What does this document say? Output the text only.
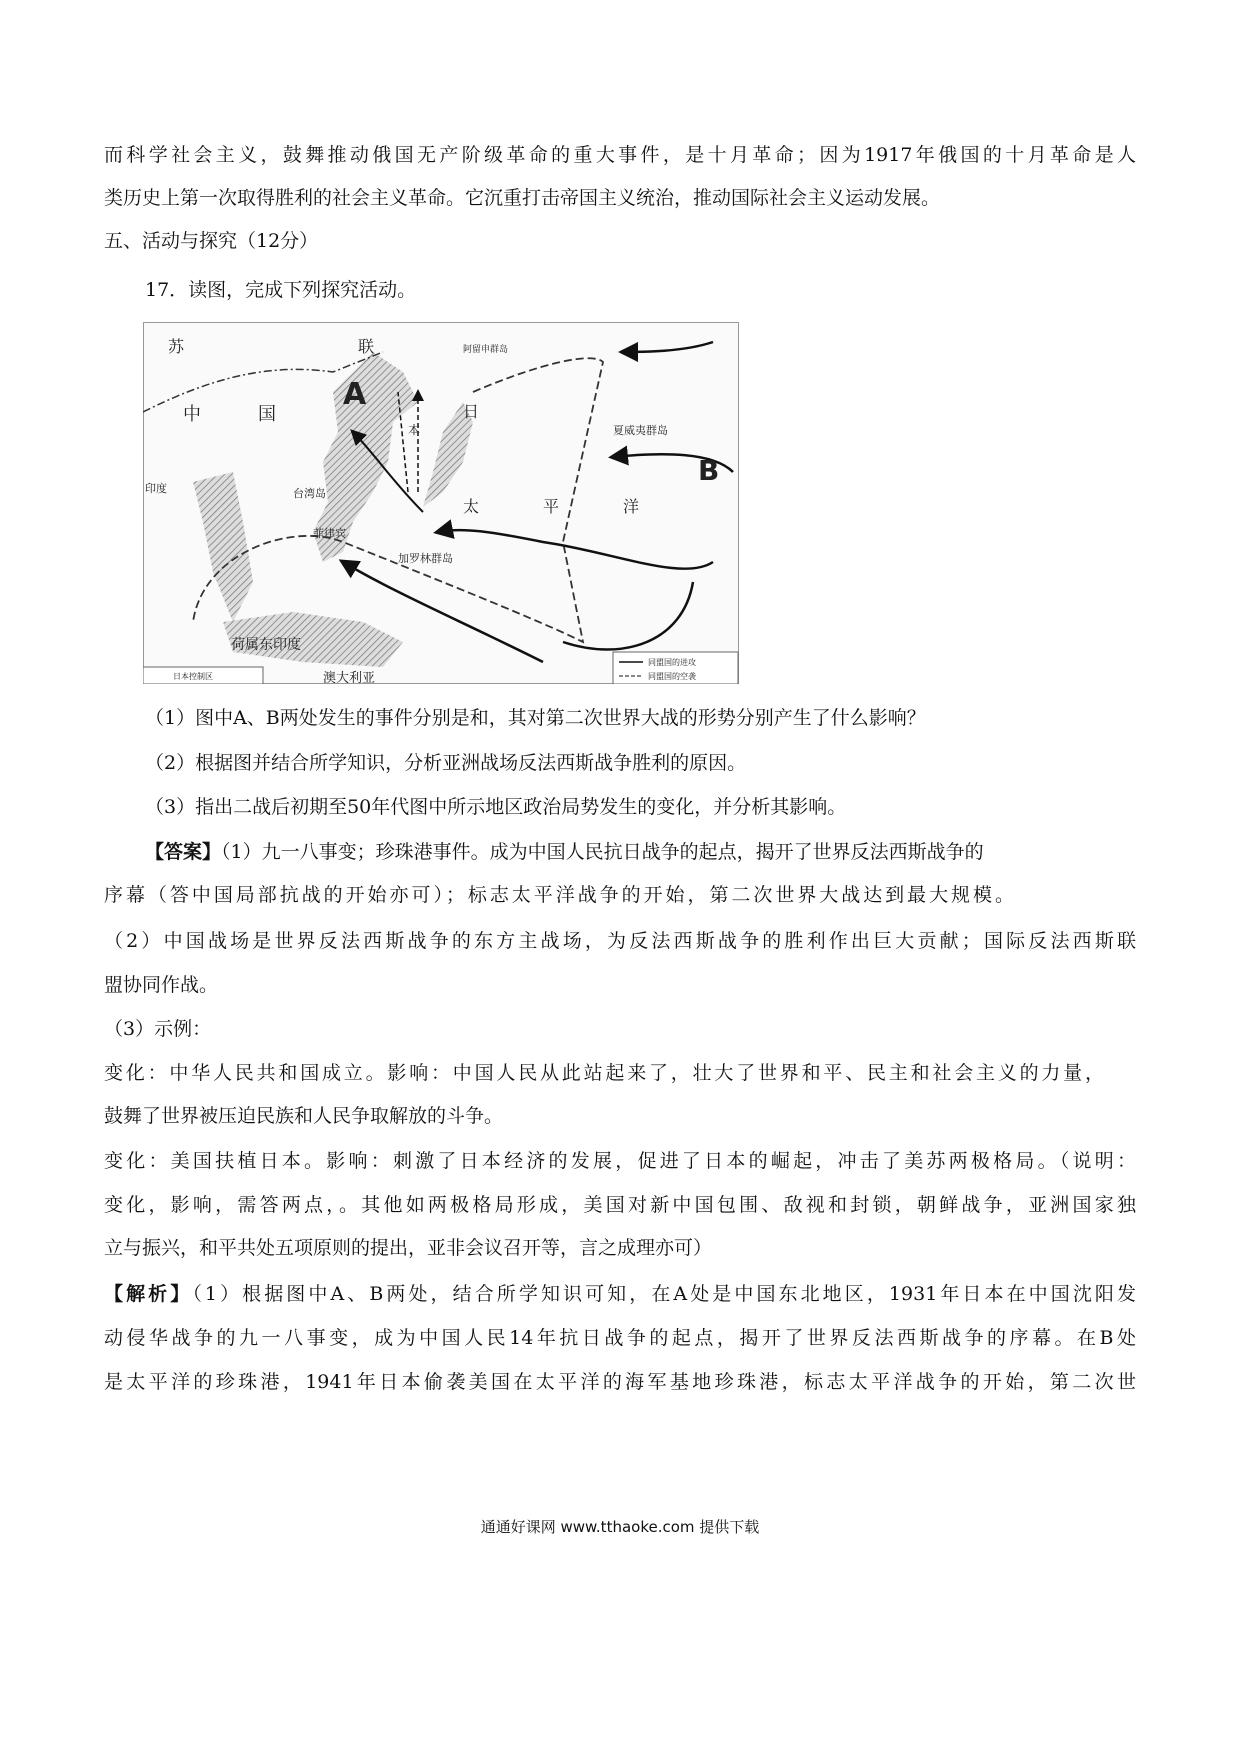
而科学社会主义，鼓舞推动俄国无产阶级革命的重大事件，是十月革命；因为1917年俄国的十月革命是人
类历史上第一次取得胜利的社会主义革命。它沉重打击帝国主义统治，推动国际社会主义运动发展。
五、活动与探究（12分）
17．读图，完成下列探究活动。
苏	联
中	国
A	日
本
B
太	平	洋
台湾岛
菲律宾
加罗林群岛
夏威夷群岛
阿留申群岛
荷属东印度
印度
澳大利亚
日本控制区
同盟国的进攻
同盟国的空袭
（1）图中A、B两处发生的事件分别是和，其对第二次世界大战的形势分别产生了什么影响？
（2）根据图并结合所学知识，分析亚洲战场反法西斯战争胜利的原因。
（3）指出二战后初期至50年代图中所示地区政治局势发生的变化，并分析其影响。
【答案】（1）九一八事变；珍珠港事件。成为中国人民抗日战争的起点，揭开了世界反法西斯战争的
序幕（答中国局部抗战的开始亦可）；标志太平洋战争的开始，第二次世界大战达到最大规模。
（2）中国战场是世界反法西斯战争的东方主战场，为反法西斯战争的胜利作出巨大贡献；国际反法西斯联
盟协同作战。
（3）示例：
变化：中华人民共和国成立。影响：中国人民从此站起来了，壮大了世界和平、民主和社会主义的力量，
鼓舞了世界被压迫民族和人民争取解放的斗争。
变化：美国扶植日本。影响：刺激了日本经济的发展，促进了日本的崛起，冲击了美苏两极格局。（说明：
变化，影响，需答两点，。其他如两极格局形成，美国对新中国包围、敌视和封锁，朝鲜战争，亚洲国家独
立与振兴，和平共处五项原则的提出，亚非会议召开等，言之成理亦可）
【解析】（1）根据图中A、B两处，结合所学知识可知，在A处是中国东北地区，1931年日本在中国沈阳发
动侵华战争的九一八事变，成为中国人民14年抗日战争的起点，揭开了世界反法西斯战争的序幕。在B处
是太平洋的珍珠港，1941年日本偷袭美国在太平洋的海军基地珍珠港，标志太平洋战争的开始，第二次世
通通好课网 www.tthaoke.com 提供下载
